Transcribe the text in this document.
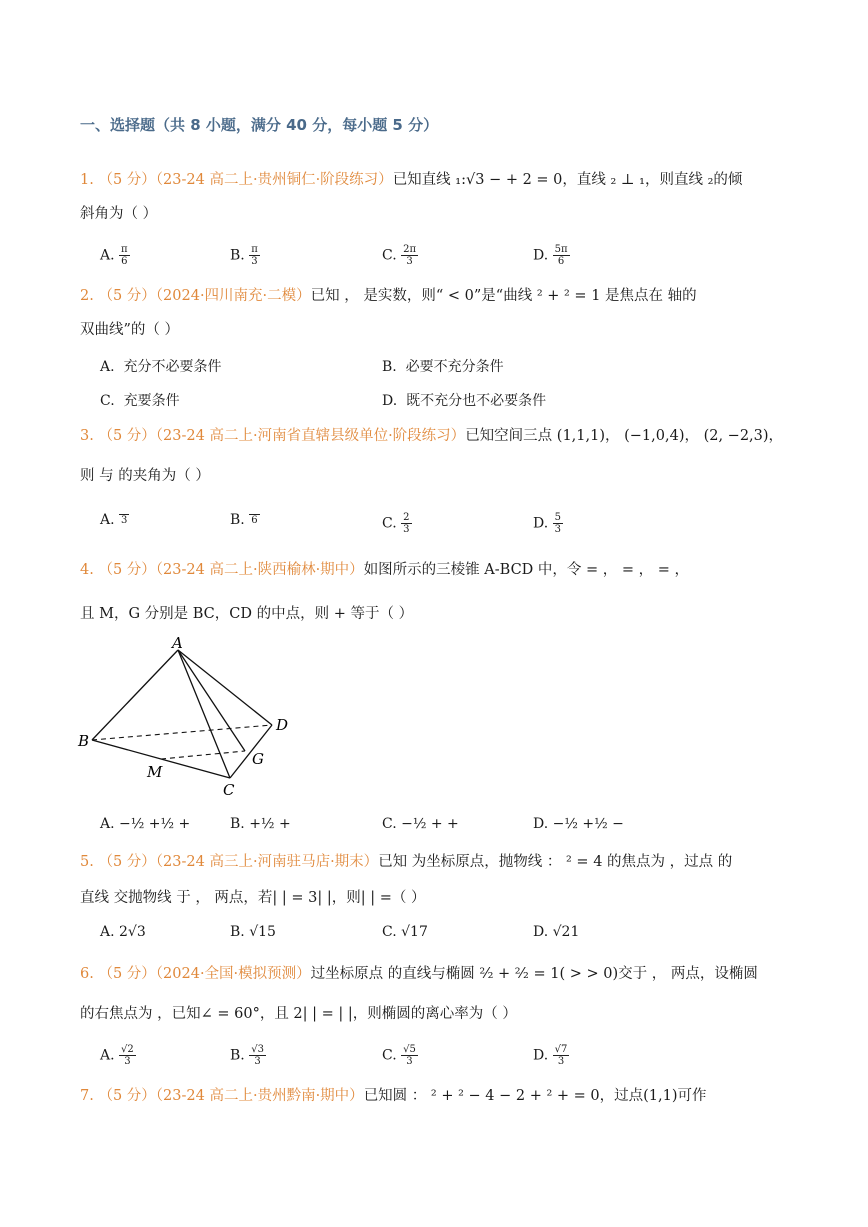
一、选择题（共 8 小题，满分 40 分，每小题 5 分）
1. （5 分）（23-24 高二上·贵州铜仁·阶段练习）已知直线 ₁:√3 − + 2 = 0，直线 ₂ ⊥ ₁，则直线 ₂的倾
斜角为（ ）
A. $\frac{\pi}{6}$	B. $\frac{\pi}{3}$	C. $\frac{2\pi}{3}$	D. $\frac{5\pi}{6}$
2. （5 分）（2024·四川南充·二模）已知 ， 是实数，则“ < 0”是“曲线 ² + ² = 1 是焦点在 轴的
双曲线”的（ ）
A. 充分不必要条件	B. 必要不充分条件
C. 充要条件	D. 既不充分也不必要条件
3. （5 分）（23-24 高二上·河南省直辖县级单位·阶段练习）已知空间三点 (1,1,1)， (−1,0,4)， (2, −2,3)，
则 与 的夹角为（ ）
A. 3	B. 6	C. $\frac{2}{3}$	D. $\frac{5}{3}$
4. （5 分）（23-24 高二上·陕西榆林·期中）如图所示的三棱锥 A-BCD 中，令 = ， = ， = ，
且 M，G 分别是 BC，CD 的中点，则 + 等于（ ）
A
B
C
D
M
G
A. −½ +½ +	B. +½ +	C. −½ + +	D. −½ +½ −
5. （5 分）（23-24 高三上·河南驻马店·期末）已知 为坐标原点，抛物线 ： ² = 4 的焦点为 ，过点 的
直线 交抛物线 于 ， 两点，若| | = 3| |，则| | =（ ）
A. 2√3	B. √15	C. √17	D. √21
6. （5 分）（2024·全国·模拟预测）过坐标原点 的直线与椭圆 ²⁄₂ + ²⁄₂ = 1( > > 0)交于 ， 两点，设椭圆
的右焦点为 ，已知∠ = 60°，且 2| | = | |，则椭圆的离心率为（ ）
A. $\frac{√2}{3}$	B. $\frac{√3}{3}$	C. $\frac{√5}{3}$	D. $\frac{√7}{3}$
7. （5 分）（23-24 高二上·贵州黔南·期中）已知圆 ： ² + ² − 4 − 2 + ² + = 0，过点(1,1)可作
